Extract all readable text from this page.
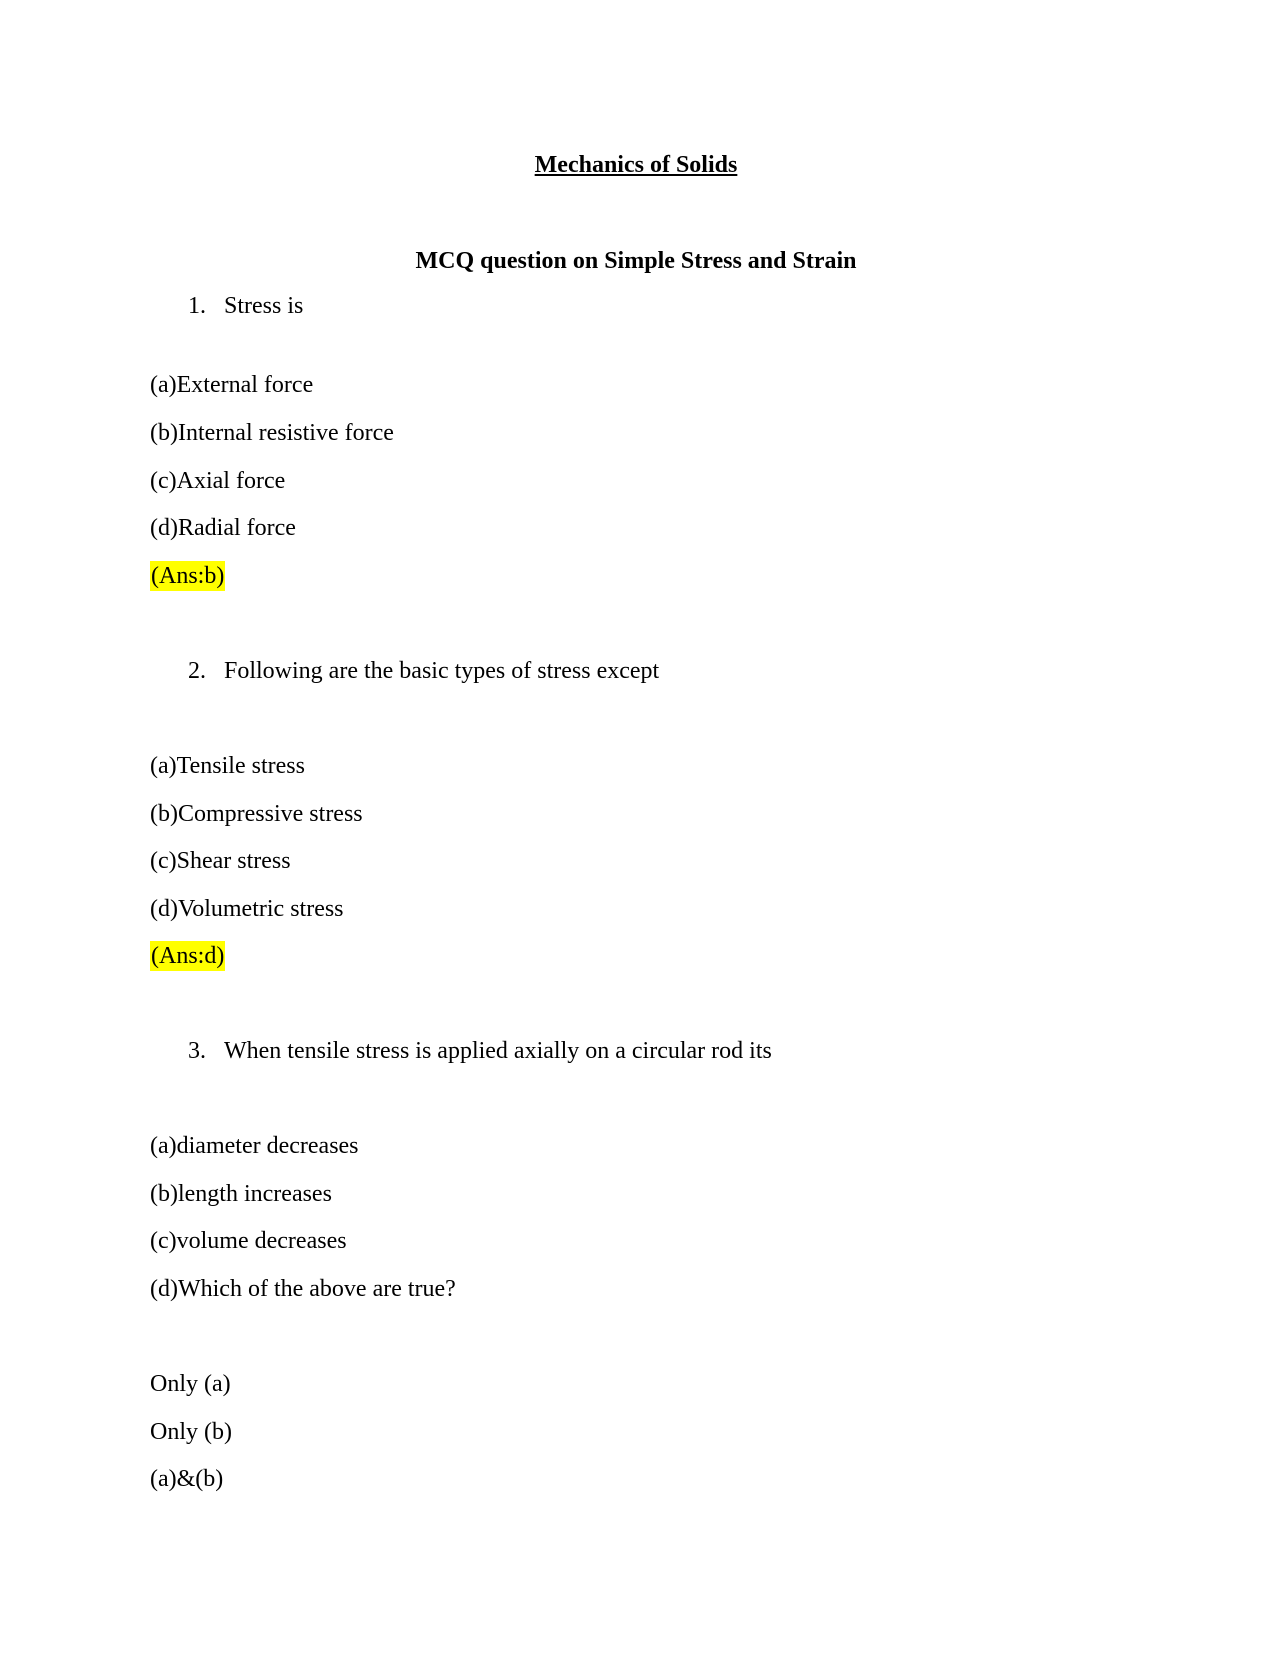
Mechanics of Solids
MCQ question on Simple Stress and Strain
1. Stress is
(a)External force
(b)Internal resistive force
(c)Axial force
(d)Radial force
(Ans:b)
2. Following are the basic types of stress except
(a)Tensile stress
(b)Compressive stress
(c)Shear stress
(d)Volumetric stress
(Ans:d)
3. When tensile stress is applied axially on a circular rod its
(a)diameter decreases
(b)length increases
(c)volume decreases
(d)Which of the above are true?
Only (a)
Only (b)
(a)&(b)
